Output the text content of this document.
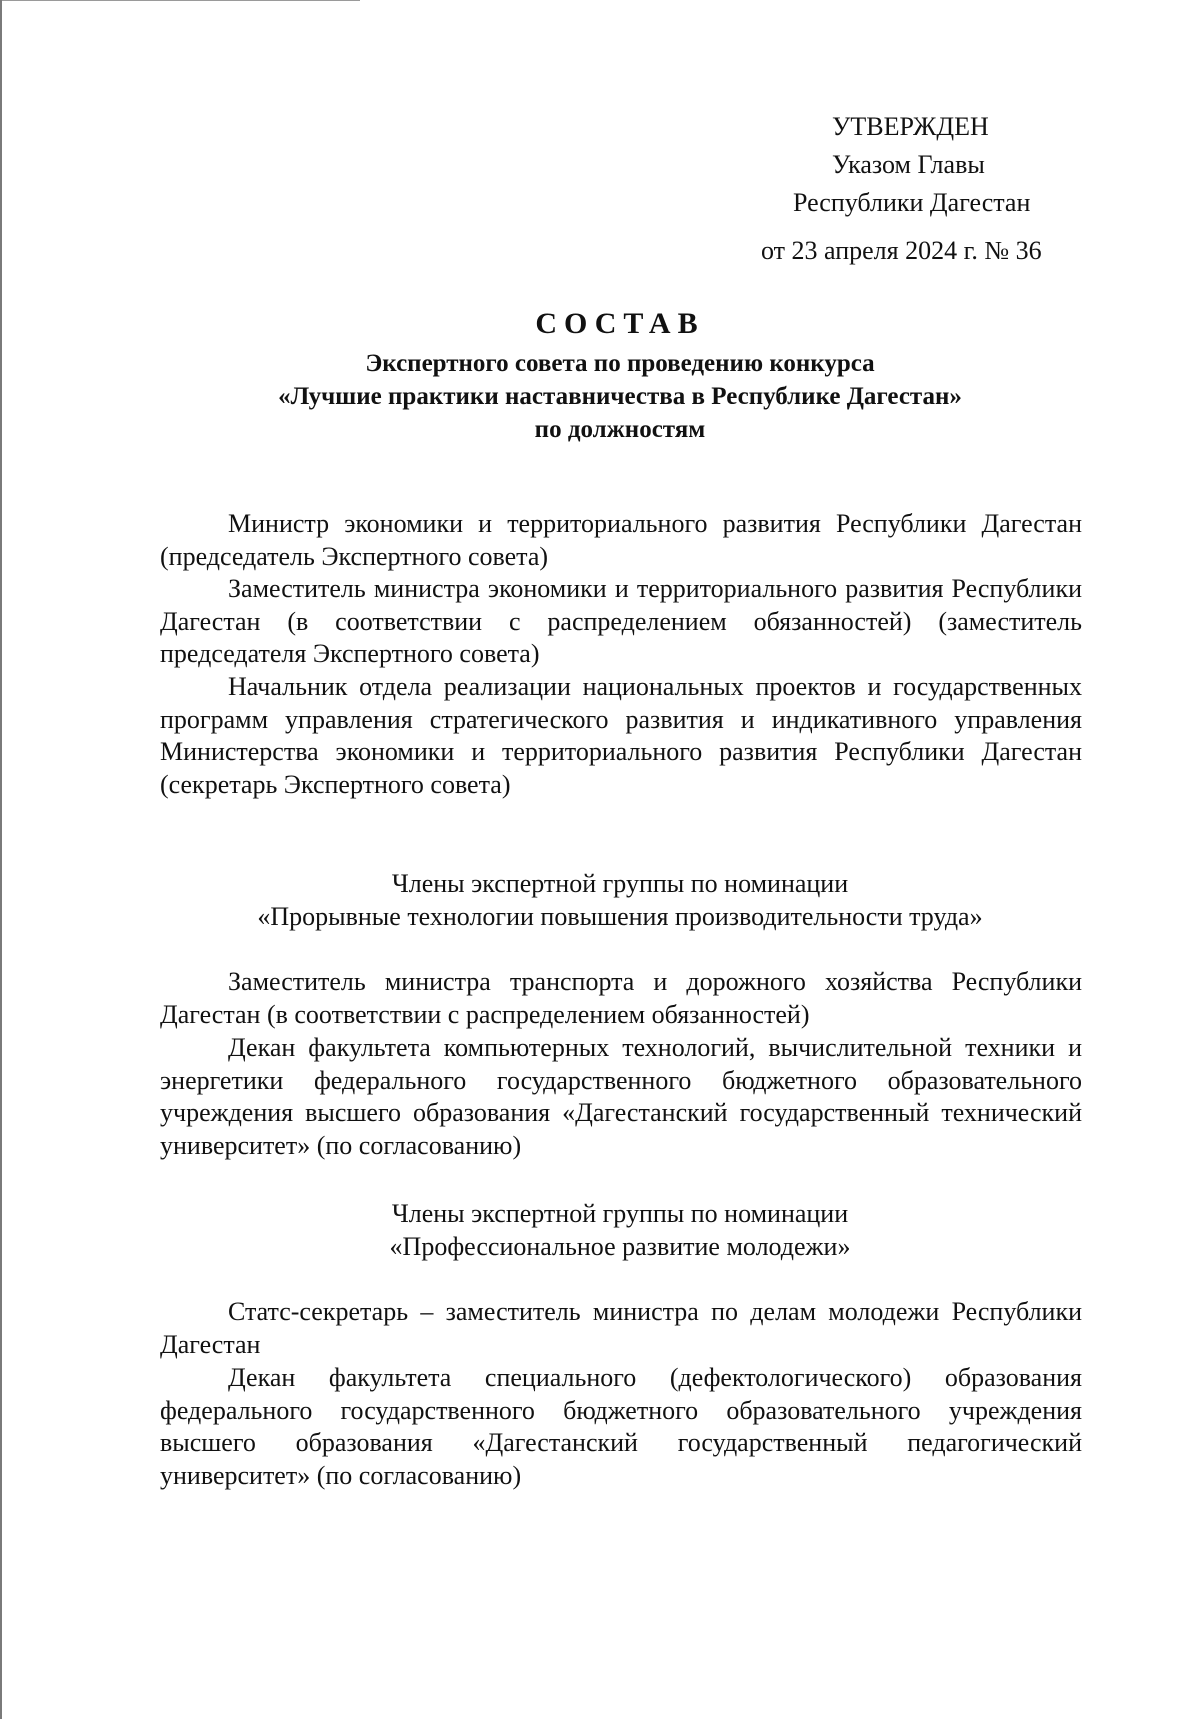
УТВЕРЖДЕН
Указом Главы
Республики Дагестан
от 23 апреля 2024 г. № 36
СОСТАВ
Экспертного совета по проведению конкурса
«Лучшие практики наставничества в Республике Дагестан»
по должностям
Министр экономики и территориального развития Республики Дагестан (председатель Экспертного совета)
Заместитель министра экономики и территориального развития Республики Дагестан (в соответствии с распределением обязанностей) (заместитель председателя Экспертного совета)
Начальник отдела реализации национальных проектов и государственных программ управления стратегического развития и индикативного управления Министерства экономики и территориального развития Республики Дагестан (секретарь Экспертного совета)
Члены экспертной группы по номинации
«Прорывные технологии повышения производительности труда»
Заместитель министра транспорта и дорожного хозяйства Республики Дагестан (в соответствии с распределением обязанностей)
Декан факультета компьютерных технологий, вычислительной техники и энергетики федерального государственного бюджетного образовательного учреждения высшего образования «Дагестанский государственный технический университет» (по согласованию)
Члены экспертной группы по номинации
«Профессиональное развитие молодежи»
Статс-секретарь – заместитель министра по делам молодежи Республики Дагестан
Декан факультета специального (дефектологического) образования федерального государственного бюджетного образовательного учреждения высшего образования «Дагестанский государственный педагогический университет» (по согласованию)
